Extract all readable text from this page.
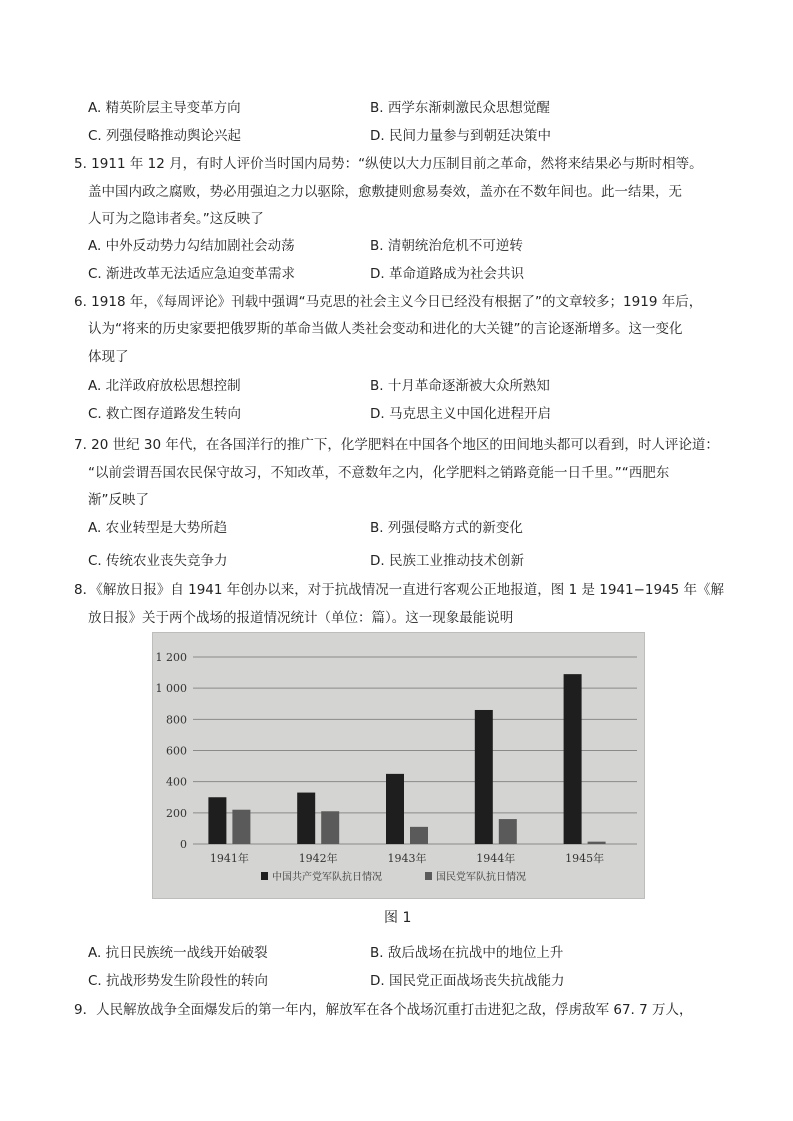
A. 精英阶层主导变革方向	B. 西学东渐刺激民众思想觉醒
C. 列强侵略推动舆论兴起	D. 民间力量参与到朝廷决策中
5. 1911 年 12 月，有时人评价当时国内局势：“纵使以大力压制目前之革命，然将来结果必与斯时相等。
盖中国内政之腐败，势必用强迫之力以驱除，愈敷捷则愈易奏效，盖亦在不数年间也。此一结果，无
人可为之隐讳者矣。”这反映了
A. 中外反动势力勾结加剧社会动荡	B. 清朝统治危机不可逆转
C. 渐进改革无法适应急迫变革需求	D. 革命道路成为社会共识
6. 1918 年，《每周评论》刊载中强调“马克思的社会主义今日已经没有根据了”的文章较多；1919 年后，
认为“将来的历史家要把俄罗斯的革命当做人类社会变动和进化的大关键”的言论逐渐增多。这一变化
体现了
A. 北洋政府放松思想控制	B. 十月革命逐渐被大众所熟知
C. 救亡图存道路发生转向	D. 马克思主义中国化进程开启
7. 20 世纪 30 年代，在各国洋行的推广下，化学肥料在中国各个地区的田间地头都可以看到，时人评论道：
“以前尝谓吾国农民保守故习，不知改革，不意数年之内，化学肥料之销路竟能一日千里。”“西肥东
渐”反映了
A. 农业转型是大势所趋	B. 列强侵略方式的新变化
C. 传统农业丧失竞争力	D. 民族工业推动技术创新
8．《解放日报》自 1941 年创办以来，对于抗战情况一直进行客观公正地报道，图 1 是 1941−1945 年《解
放日报》关于两个战场的报道情况统计（单位：篇）。这一现象最能说明
1 200
1 000
800
600
400
200
0
1941年	1942年	1943年	1944年	1945年
中国共产党军队抗日情况	国民党军队抗日情况
图 1
A. 抗日民族统一战线开始破裂	B. 敌后战场在抗战中的地位上升
C. 抗战形势发生阶段性的转向	D. 国民党正面战场丧失抗战能力
9．人民解放战争全面爆发后的第一年内，解放军在各个战场沉重打击进犯之敌，俘虏敌军 67. 7 万人，
